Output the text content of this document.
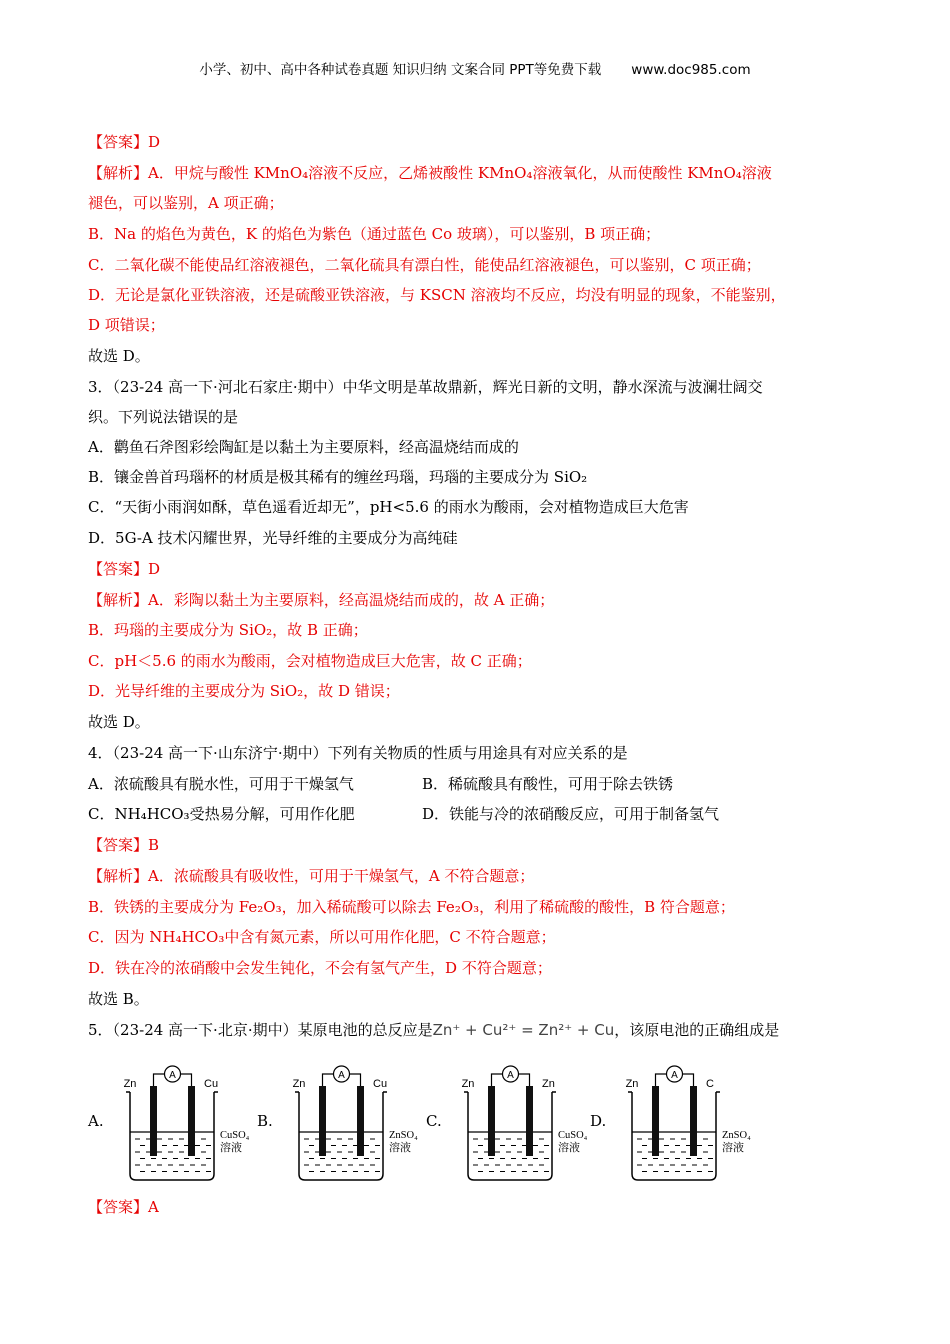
小学、初中、高中各种试卷真题 知识归纳 文案合同 PPT等免费下载 www.doc985.com
【答案】D
【解析】A．甲烷与酸性 KMnO₄溶液不反应，乙烯被酸性 KMnO₄溶液氧化，从而使酸性 KMnO₄溶液
褪色，可以鉴别，A 项正确；
B．Na 的焰色为黄色，K 的焰色为紫色（通过蓝色 Co 玻璃），可以鉴别，B 项正确；
C．二氧化碳不能使品红溶液褪色，二氧化硫具有漂白性，能使品红溶液褪色，可以鉴别，C 项正确；
D．无论是氯化亚铁溶液，还是硫酸亚铁溶液，与 KSCN 溶液均不反应，均没有明显的现象，不能鉴别，
D 项错误；
故选 D。
3．（23-24 高一下·河北石家庄·期中）中华文明是革故鼎新，辉光日新的文明，静水深流与波澜壮阔交
织。下列说法错误的是
A．鹳鱼石斧图彩绘陶缸是以黏土为主要原料，经高温烧结而成的
B．镶金兽首玛瑙杯的材质是极其稀有的缠丝玛瑙，玛瑙的主要成分为 SiO₂
C．“天街小雨润如酥，草色遥看近却无”，pH<5.6 的雨水为酸雨，会对植物造成巨大危害
D．5G-A 技术闪耀世界，光导纤维的主要成分为高纯硅
【答案】D
【解析】A．彩陶以黏土为主要原料，经高温烧结而成的，故 A 正确；
B．玛瑙的主要成分为 SiO₂，故 B 正确；
C．pH＜5.6 的雨水为酸雨，会对植物造成巨大危害，故 C 正确；
D．光导纤维的主要成分为 SiO₂，故 D 错误；
故选 D。
4．（23-24 高一下·山东济宁·期中）下列有关物质的性质与用途具有对应关系的是
A．浓硫酸具有脱水性，可用于干燥氢气	B．稀硫酸具有酸性，可用于除去铁锈
C．NH₄HCO₃受热易分解，可用作化肥	D．铁能与冷的浓硝酸反应，可用于制备氢气
【答案】B
【解析】A．浓硫酸具有吸收性，可用于干燥氢气，A 不符合题意；
B．铁锈的主要成分为 Fe₂O₃，加入稀硫酸可以除去 Fe₂O₃，利用了稀硫酸的酸性，B 符合题意；
C．因为 NH₄HCO₃中含有氮元素，所以可用作化肥，C 不符合题意；
D．铁在冷的浓硝酸中会发生钝化，不会有氢气产生，D 不符合题意；
故选 B。
5．（23-24 高一下·北京·期中）某原电池的总反应是Zn⁺ + Cu²⁺ = Zn²⁺ + Cu，该原电池的正确组成是
A.
A
Zn	Cu
CuSO₄
溶液
B.
A
Zn	Cu
ZnSO₄
溶液
C.
A
Zn	Zn
CuSO₄
溶液
D.
A
Zn	C
ZnSO₄
溶液
【答案】A
